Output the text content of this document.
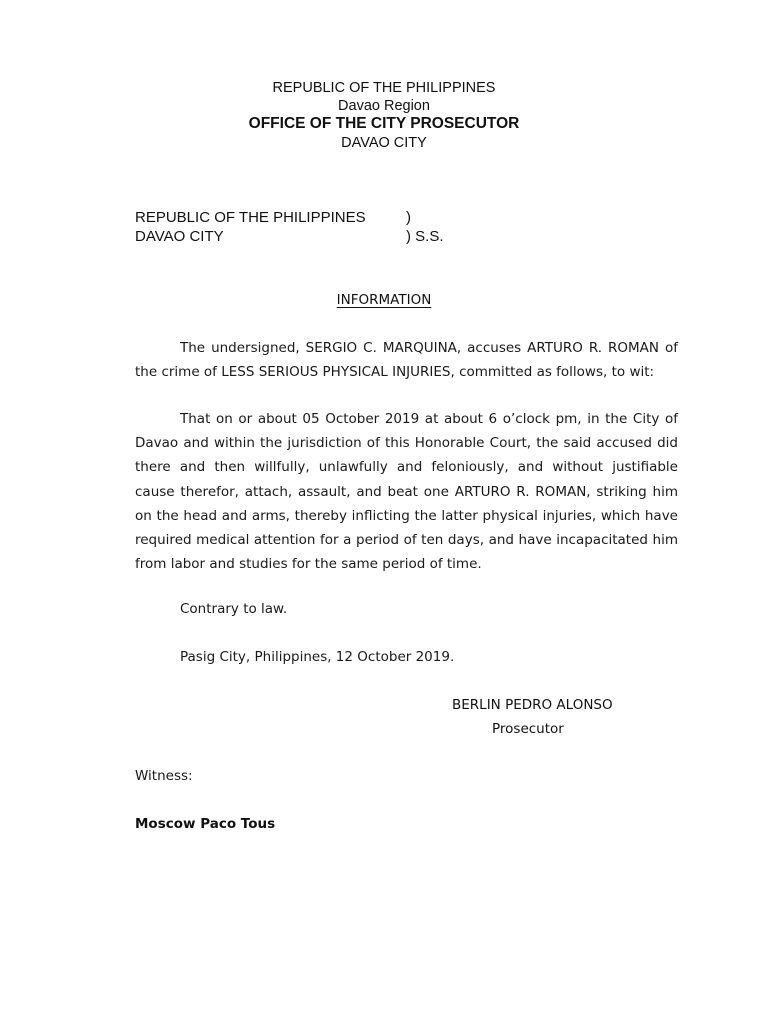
REPUBLIC OF THE PHILIPPINES
Davao Region
OFFICE OF THE CITY PROSECUTOR
DAVAO CITY
REPUBLIC OF THE PHILIPPINES	)
DAVAO CITY	) S.S.
INFORMATION
The undersigned, SERGIO C. MARQUINA, accuses ARTURO R. ROMAN of the crime of LESS SERIOUS PHYSICAL INJURIES, committed as follows, to wit:
That on or about 05 October 2019 at about 6 o’clock pm, in the City of Davao and within the jurisdiction of this Honorable Court, the said accused did there and then willfully, unlawfully and feloniously, and without justifiable cause therefor, attach, assault, and beat one ARTURO R. ROMAN, striking him on the head and arms, thereby inflicting the latter physical injuries, which have required medical attention for a period of ten days, and have incapacitated him from labor and studies for the same period of time.
Contrary to law.
Pasig City, Philippines, 12 October 2019.
BERLIN PEDRO ALONSO
Prosecutor
Witness:
Moscow Paco Tous
